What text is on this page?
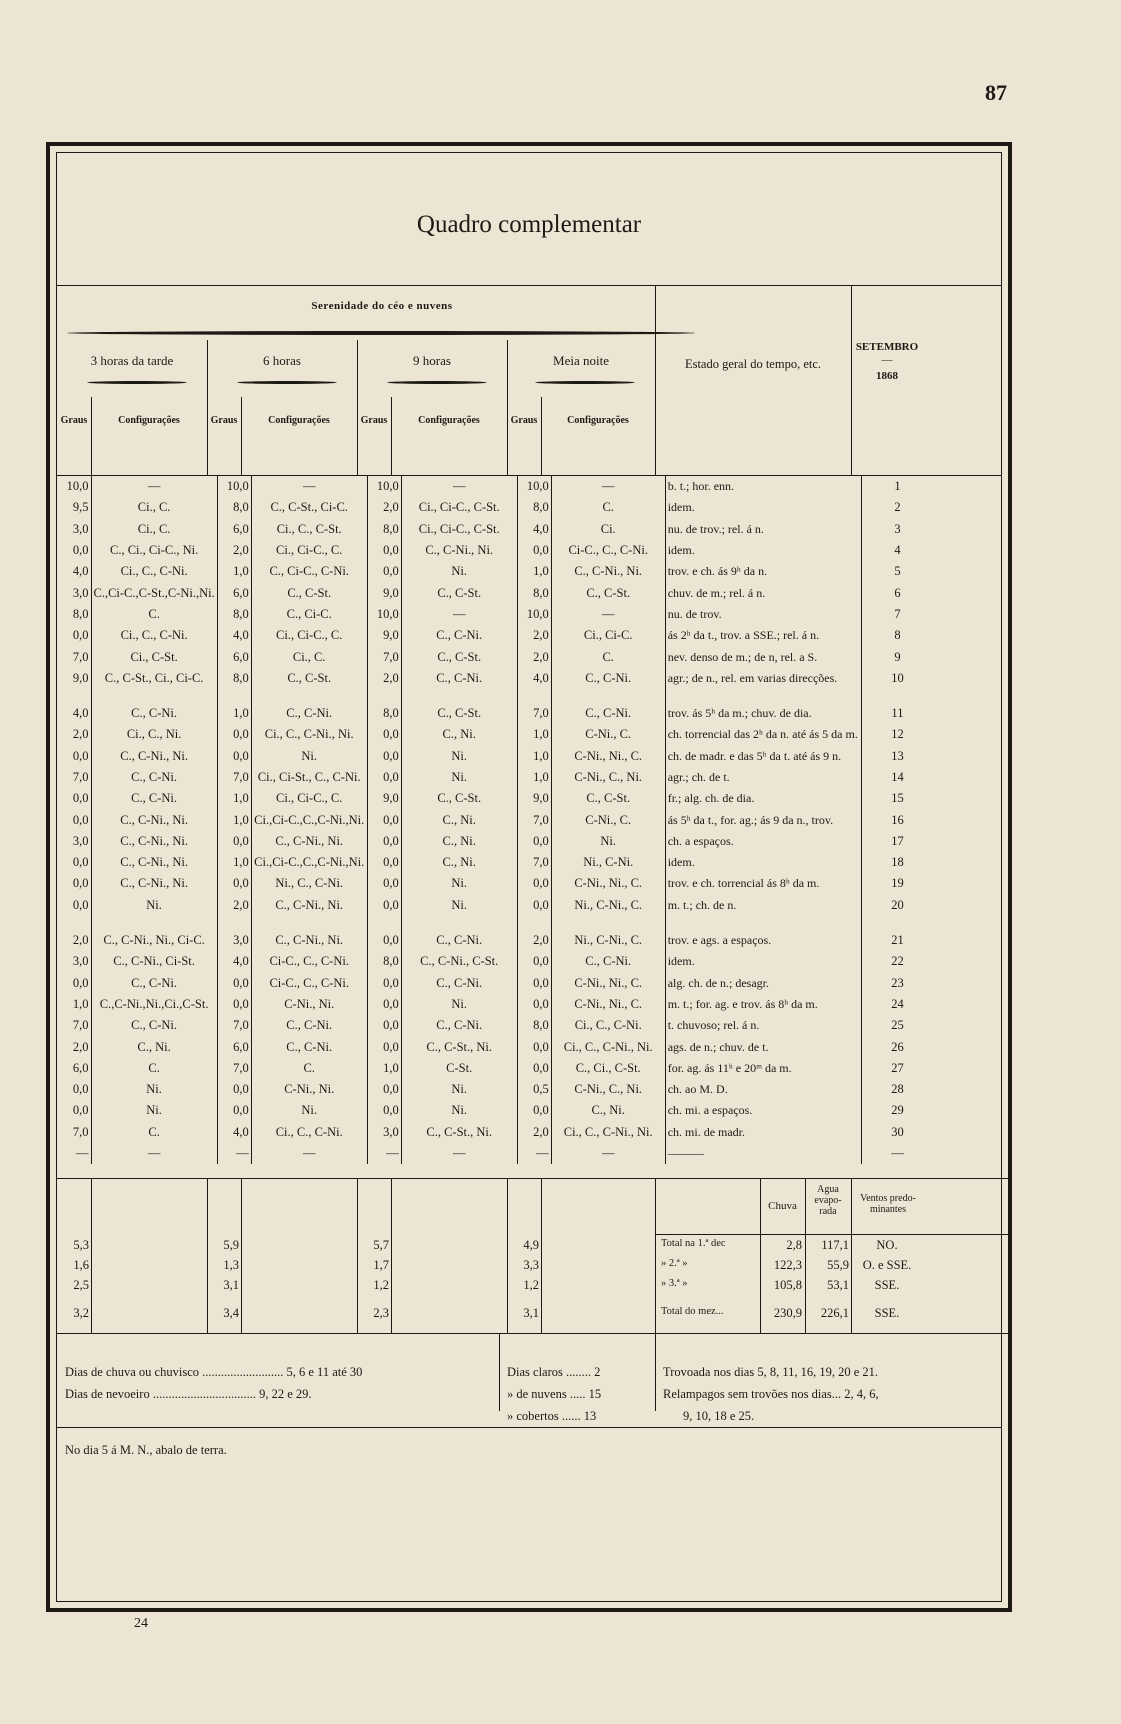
87
Quadro complementar
Serenidade do céo e nuvens
3 horas da tarde	6 horas	9 horas	Meia noite
Graus	Configurações	Graus	Configurações	Graus	Configurações	Graus	Configurações
Estado geral do tempo, etc.
SETEMBRO
—
1868
10,0	—	10,0	—	10,0	—	10,0	—	b. t.; hor. enn.	1
9,5	Ci., C.	8,0	C., C-St., Ci-C.	2,0	Ci., Ci-C., C-St.	8,0	C.	idem.	2
3,0	Ci., C.	6,0	Ci., C., C-St.	8,0	Ci., Ci-C., C-St.	4,0	Ci.	nu. de trov.; rel. á n.	3
0,0	C., Ci., Ci-C., Ni.	2,0	Ci., Ci-C., C.	0,0	C., C-Ni., Ni.	0,0	Ci-C., C., C-Ni.	idem.	4
4,0	Ci., C., C-Ni.	1,0	C., Ci-C., C-Ni.	0,0	Ni.	1,0	C., C-Ni., Ni.	trov. e ch. ás 9ʰ da n.	5
3,0	C.,Ci-C.,C-St.,C-Ni.,Ni.	6,0	C., C-St.	9,0	C., C-St.	8,0	C., C-St.	chuv. de m.; rel. á n.	6
8,0	C.	8,0	C., Ci-C.	10,0	—	10,0	—	nu. de trov.	7
0,0	Ci., C., C-Ni.	4,0	Ci., Ci-C., C.	9,0	C., C-Ni.	2,0	Ci., Ci-C.	ás 2ʰ da t., trov. a SSE.; rel. á n.	8
7,0	Ci., C-St.	6,0	Ci., C.	7,0	C., C-St.	2,0	C.	nev. denso de m.; de n, rel. a S.	9
9,0	C., C-St., Ci., Ci-C.	8,0	C., C-St.	2,0	C., C-Ni.	4,0	C., C-Ni.	agr.; de n., rel. em varias direcções.	10

4,0	C., C-Ni.	1,0	C., C-Ni.	8,0	C., C-St.	7,0	C., C-Ni.	trov. ás 5ʰ da m.; chuv. de dia.	11
2,0	Ci., C., Ni.	0,0	Ci., C., C-Ni., Ni.	0,0	C., Ni.	1,0	C-Ni., C.	ch. torrencial das 2ʰ da n. até ás 5 da m.	12
0,0	C., C-Ni., Ni.	0,0	Ni.	0,0	Ni.	1,0	C-Ni., Ni., C.	ch. de madr. e das 5ʰ da t. até ás 9 n.	13
7,0	C., C-Ni.	7,0	Ci., Ci-St., C., C-Ni.	0,0	Ni.	1,0	C-Ni., C., Ni.	agr.; ch. de t.	14
0,0	C., C-Ni.	1,0	Ci., Ci-C., C.	9,0	C., C-St.	9,0	C., C-St.	fr.; alg. ch. de dia.	15
0,0	C., C-Ni., Ni.	1,0	Ci.,Ci-C.,C.,C-Ni.,Ni.	0,0	C., Ni.	7,0	C-Ni., C.	ás 5ʰ da t., for. ag.; ás 9 da n., trov.	16
3,0	C., C-Ni., Ni.	0,0	C., C-Ni., Ni.	0,0	C., Ni.	0,0	Ni.	ch. a espaços.	17
0,0	C., C-Ni., Ni.	1,0	Ci.,Ci-C.,C.,C-Ni.,Ni.	0,0	C., Ni.	7,0	Ni., C-Ni.	idem.	18
0,0	C., C-Ni., Ni.	0,0	Ni., C., C-Ni.	0,0	Ni.	0,0	C-Ni., Ni., C.	trov. e ch. torrencial ás 8ʰ da m.	19
0,0	Ni.	2,0	C., C-Ni., Ni.	0,0	Ni.	0,0	Ni., C-Ni., C.	m. t.; ch. de n.	20

2,0	C., C-Ni., Ni., Ci-C.	3,0	C., C-Ni., Ni.	0,0	C., C-Ni.	2,0	Ni., C-Ni., C.	trov. e ags. a espaços.	21
3,0	C., C-Ni., Ci-St.	4,0	Ci-C., C., C-Ni.	8,0	C., C-Ni., C-St.	0,0	C., C-Ni.	idem.	22
0,0	C., C-Ni.	0,0	Ci-C., C., C-Ni.	0,0	C., C-Ni.	0,0	C-Ni., Ni., C.	alg. ch. de n.; desagr.	23
1,0	C.,C-Ni.,Ni.,Ci.,C-St.	0,0	C-Ni., Ni.	0,0	Ni.	0,0	C-Ni., Ni., C.	m. t.; for. ag. e trov. ás 8ʰ da m.	24
7,0	C., C-Ni.	7,0	C., C-Ni.	0,0	C., C-Ni.	8,0	Ci., C., C-Ni.	t. chuvoso; rel. á n.	25
2,0	C., Ni.	6,0	C., C-Ni.	0,0	C., C-St., Ni.	0,0	Ci., C., C-Ni., Ni.	ags. de n.; chuv. de t.	26
6,0	C.	7,0	C.	1,0	C-St.	0,0	C., Ci., C-St.	for. ag. ás 11ʰ e 20ᵐ da m.	27
0,0	Ni.	0,0	C-Ni., Ni.	0,0	Ni.	0,5	C-Ni., C., Ni.	ch. ao M. D.	28
0,0	Ni.	0,0	Ni.	0,0	Ni.	0,0	C., Ni.	ch. mi. a espaços.	29
7,0	C.	4,0	Ci., C., C-Ni.	3,0	C., C-St., Ni.	2,0	Ci., C., C-Ni., Ni.	ch. mi. de madr.	30
—	—	—	—	—	—	—	—	———	—
Chuva
Agua evapo-rada
Ventos predo-minantes
5,3	5,9	5,7	4,9	Total na 1.ª dec	2,8	117,1	NO.
1,6	1,3	1,7	3,3	» 2.ª »	122,3	55,9	O. e SSE.
2,5	3,1	1,2	1,2	» 3.ª »	105,8	53,1	SSE.
3,2	3,4	2,3	3,1	Total do mez...	230,9	226,1	SSE.
Dias de chuva ou chuvisco .......................... 5, 6 e 11 até 30
Dias de nevoeiro ................................. 9, 22 e 29.
Dias claros ........ 2
» de nuvens ..... 15
» cobertos ...... 13
Trovoada nos dias 5, 8, 11, 16, 19, 20 e 21.
Relampagos sem trovões nos dias... 2, 4, 6,
9, 10, 18 e 25.
No dia 5 á M. N., abalo de terra.
24
